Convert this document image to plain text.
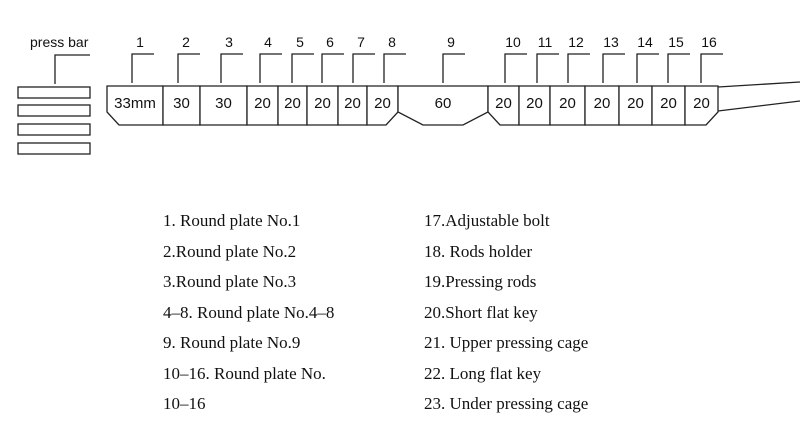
press bar
33mm 30 30 20 20 20 20 20	60	20 20 20 20 20 20 20
1	2	3 4 5 6 7 8	9	10 11 12 13 14 15 16
1. Round plate No.1
2.Round plate No.2
3.Round plate No.3
4–8. Round plate No.4–8
9. Round plate No.9
10–16. Round plate No.
10–16
17.Adjustable bolt
18. Rods holder
19.Pressing rods
20.Short flat key
21. Upper pressing cage
22. Long flat key
23. Under pressing cage
